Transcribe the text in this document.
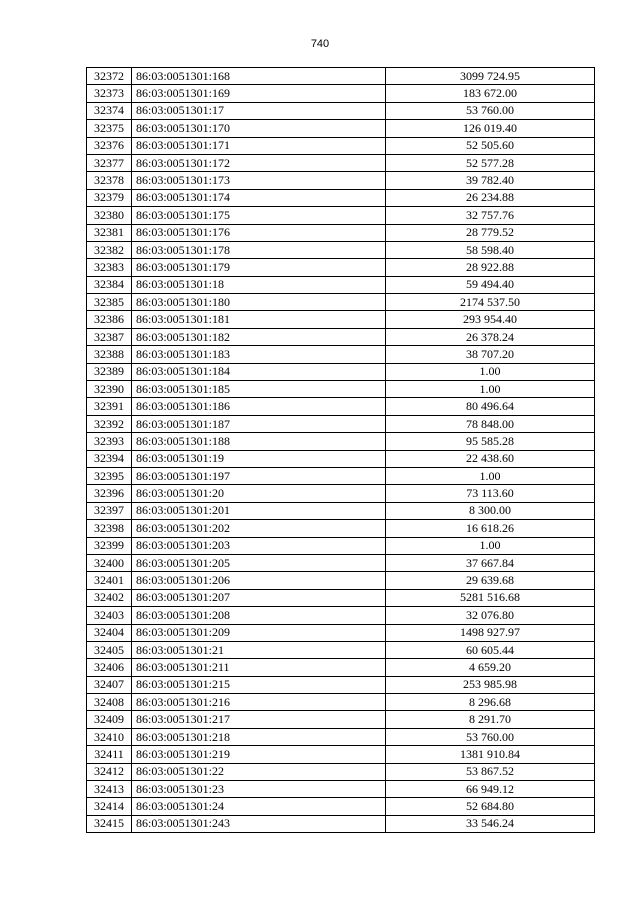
740
32372	86:03:0051301:168	3099 724.95
32373	86:03:0051301:169	183 672.00
32374	86:03:0051301:17	53 760.00
32375	86:03:0051301:170	126 019.40
32376	86:03:0051301:171	52 505.60
32377	86:03:0051301:172	52 577.28
32378	86:03:0051301:173	39 782.40
32379	86:03:0051301:174	26 234.88
32380	86:03:0051301:175	32 757.76
32381	86:03:0051301:176	28 779.52
32382	86:03:0051301:178	58 598.40
32383	86:03:0051301:179	28 922.88
32384	86:03:0051301:18	59 494.40
32385	86:03:0051301:180	2174 537.50
32386	86:03:0051301:181	293 954.40
32387	86:03:0051301:182	26 378.24
32388	86:03:0051301:183	38 707.20
32389	86:03:0051301:184	1.00
32390	86:03:0051301:185	1.00
32391	86:03:0051301:186	80 496.64
32392	86:03:0051301:187	78 848.00
32393	86:03:0051301:188	95 585.28
32394	86:03:0051301:19	22 438.60
32395	86:03:0051301:197	1.00
32396	86:03:0051301:20	73 113.60
32397	86:03:0051301:201	8 300.00
32398	86:03:0051301:202	16 618.26
32399	86:03:0051301:203	1.00
32400	86:03:0051301:205	37 667.84
32401	86:03:0051301:206	29 639.68
32402	86:03:0051301:207	5281 516.68
32403	86:03:0051301:208	32 076.80
32404	86:03:0051301:209	1498 927.97
32405	86:03:0051301:21	60 605.44
32406	86:03:0051301:211	4 659.20
32407	86:03:0051301:215	253 985.98
32408	86:03:0051301:216	8 296.68
32409	86:03:0051301:217	8 291.70
32410	86:03:0051301:218	53 760.00
32411	86:03:0051301:219	1381 910.84
32412	86:03:0051301:22	53 867.52
32413	86:03:0051301:23	66 949.12
32414	86:03:0051301:24	52 684.80
32415	86:03:0051301:243	33 546.24
